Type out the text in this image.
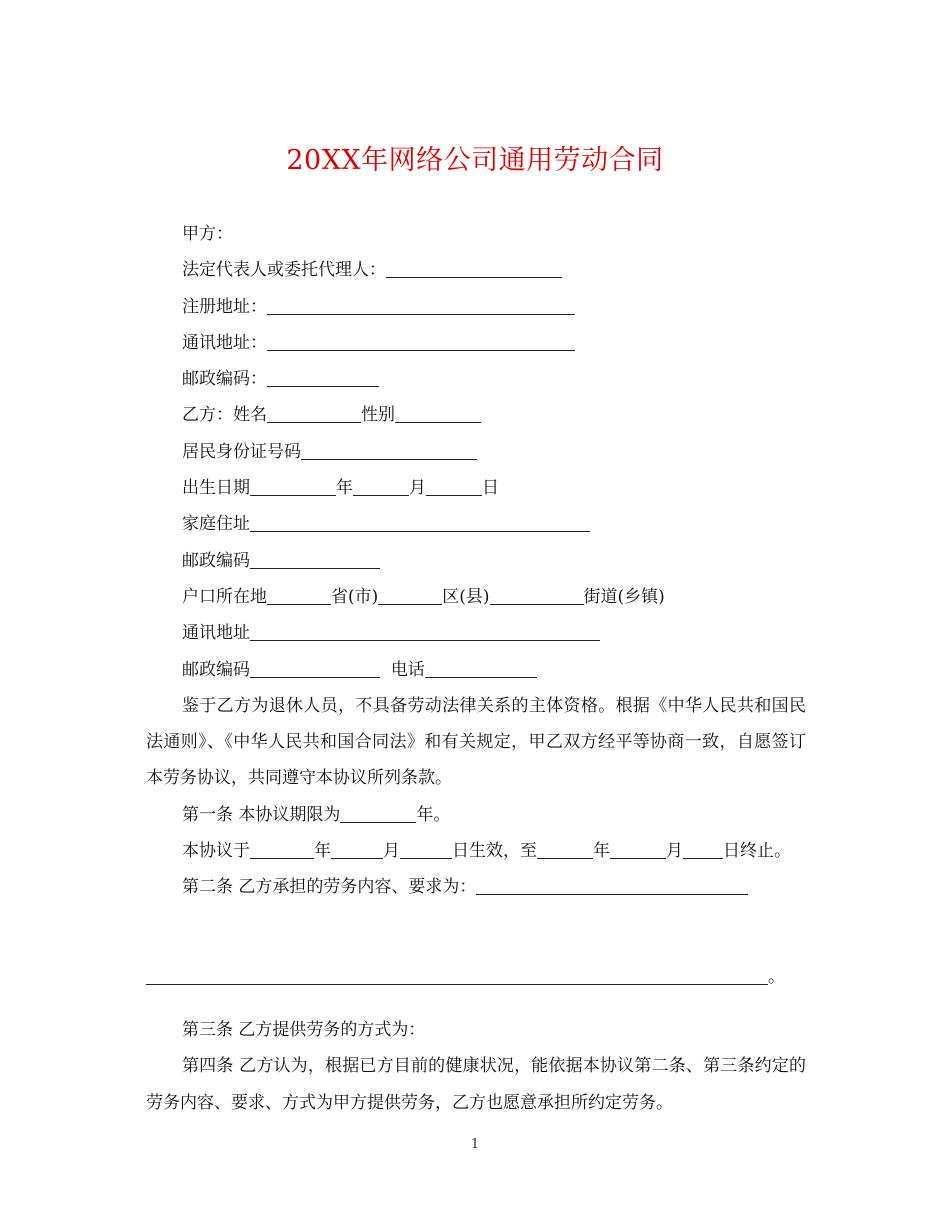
20XX年网络公司通用劳动合同

甲方：

法定代表人或委托代理人：

注册地址：

通讯地址：

邮政编码：

乙方：姓名	性别

居民身份证号码

出生日期	年	月	日

家庭住址

邮政编码

户口所在地	省(市)	区(县)	街道(乡镇)

通讯地址

邮政编码	电话

鉴于乙方为退休人员，不具备劳动法律关系的主体资格。根据《中华人民共和国民法通则》、《中华人民共和国合同法》和有关规定，甲乙双方经平等协商一致，自愿签订本劳务协议，共同遵守本协议所列条款。

第一条 本协议期限为	年。

本协议于	年	月	日生效，至	年	月 日终止。

第二条 乙方承担的劳务内容、要求为：

。

第三条 乙方提供劳务的方式为：

第四条 乙方认为，根据已方目前的健康状况，能依据本协议第二条、第三条约定的劳务内容、要求、方式为甲方提供劳务，乙方也愿意承担所约定劳务。

1
